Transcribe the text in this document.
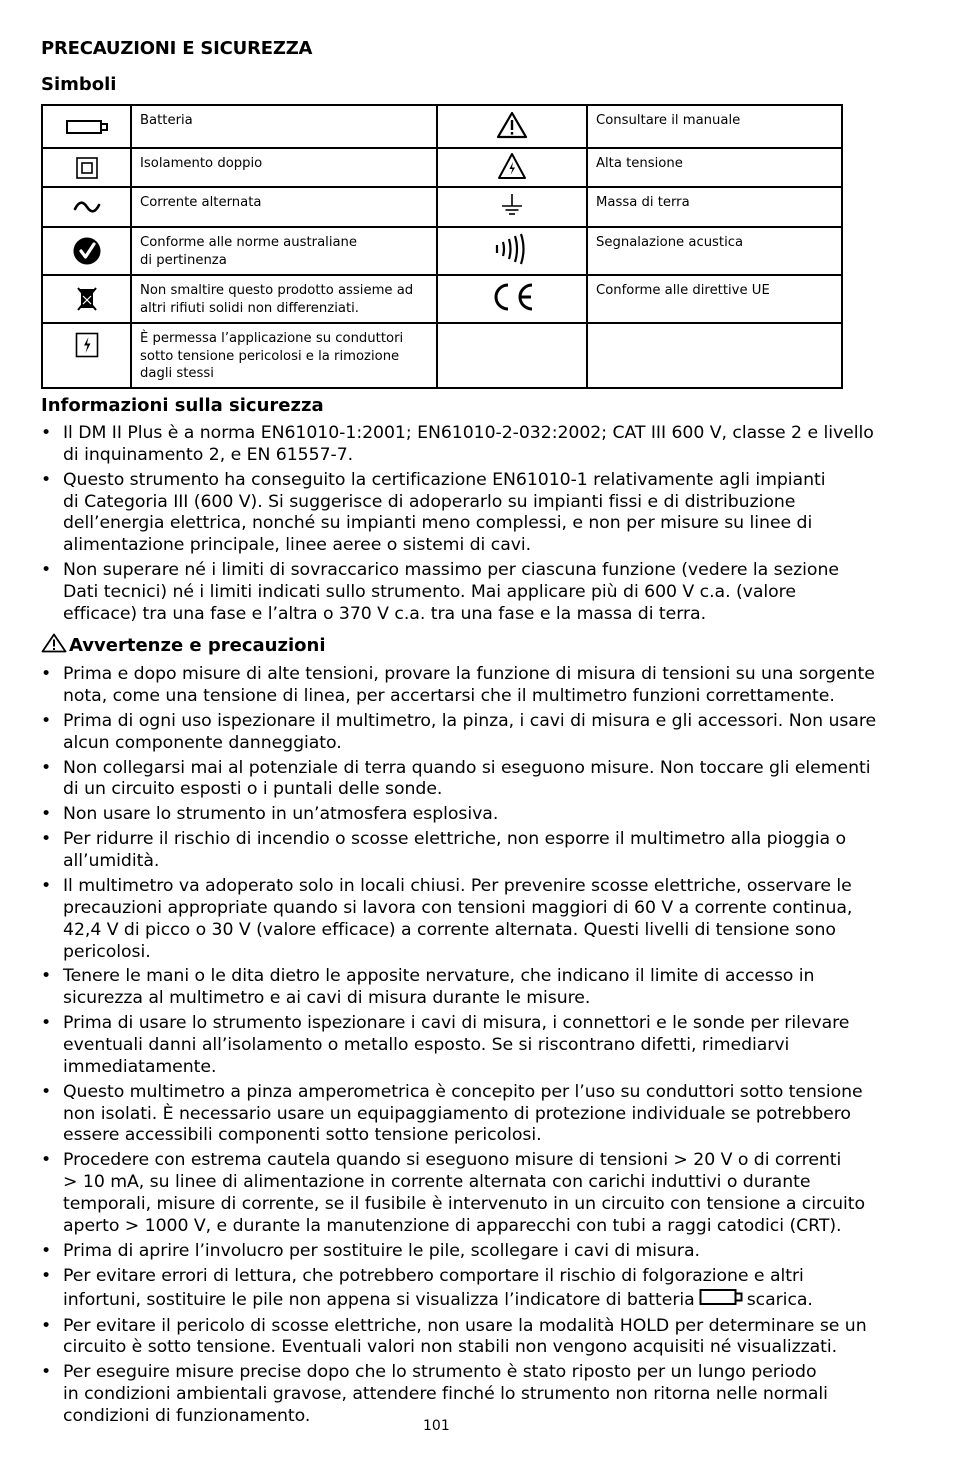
PRECAUZIONI E SICUREZZA
Simboli
	Batteria		Consultare il manuale

	Isolamento doppio		Alta tensione

	Corrente alternata		Massa di terra

	Conforme alle norme australiane
di pertinenza		Segnalazione acustica

	Non smaltire questo prodotto assieme ad
altri rifiuti solidi non differenziati.		Conforme alle direttive UE

	È permessa l’applicazione su conduttori
sotto tensione pericolosi e la rimozione
dagli stessi		
Informazioni sulla sicurezza
• Il DM II Plus è a norma EN61010-1:2001; EN61010-2-032:2002; CAT III 600 V, classe 2 e livello
di inquinamento 2, e EN 61557-7.
• Questo strumento ha conseguito la certificazione EN61010-1 relativamente agli impianti
di Categoria III (600 V). Si suggerisce di adoperarlo su impianti fissi e di distribuzione
dell’energia elettrica, nonché su impianti meno complessi, e non per misure su linee di
alimentazione principale, linee aeree o sistemi di cavi.
• Non superare né i limiti di sovraccarico massimo per ciascuna funzione (vedere la sezione
Dati tecnici) né i limiti indicati sullo strumento. Mai applicare più di 600 V c.a. (valore
efficace) tra una fase e l’altra o 370 V c.a. tra una fase e la massa di terra.
Avvertenze e precauzioni
• Prima e dopo misure di alte tensioni, provare la funzione di misura di tensioni su una sorgente
nota, come una tensione di linea, per accertarsi che il multimetro funzioni correttamente.
• Prima di ogni uso ispezionare il multimetro, la pinza, i cavi di misura e gli accessori. Non usare
alcun componente danneggiato.
• Non collegarsi mai al potenziale di terra quando si eseguono misure. Non toccare gli elementi
di un circuito esposti o i puntali delle sonde.
• Non usare lo strumento in un’atmosfera esplosiva.
• Per ridurre il rischio di incendio o scosse elettriche, non esporre il multimetro alla pioggia o
all’umidità.
• Il multimetro va adoperato solo in locali chiusi. Per prevenire scosse elettriche, osservare le
precauzioni appropriate quando si lavora con tensioni maggiori di 60 V a corrente continua,
42,4 V di picco o 30 V (valore efficace) a corrente alternata. Questi livelli di tensione sono
pericolosi.
• Tenere le mani o le dita dietro le apposite nervature, che indicano il limite di accesso in
sicurezza al multimetro e ai cavi di misura durante le misure.
• Prima di usare lo strumento ispezionare i cavi di misura, i connettori e le sonde per rilevare
eventuali danni all’isolamento o metallo esposto. Se si riscontrano difetti, rimediarvi
immediatamente.
• Questo multimetro a pinza amperometrica è concepito per l’uso su conduttori sotto tensione
non isolati. È necessario usare un equipaggiamento di protezione individuale se potrebbero
essere accessibili componenti sotto tensione pericolosi.
• Procedere con estrema cautela quando si eseguono misure di tensioni > 20 V o di correnti
> 10 mA, su linee di alimentazione in corrente alternata con carichi induttivi o durante
temporali, misure di corrente, se il fusibile è intervenuto in un circuito con tensione a circuito
aperto > 1000 V, e durante la manutenzione di apparecchi con tubi a raggi catodici (CRT).
• Prima di aprire l’involucro per sostituire le pile, scollegare i cavi di misura.
• Per evitare errori di lettura, che potrebbero comportare il rischio di folgorazione e altri
infortuni, sostituire le pile non appena si visualizza l’indicatore di batteria	scarica.
• Per evitare il pericolo di scosse elettriche, non usare la modalità HOLD per determinare se un
circuito è sotto tensione. Eventuali valori non stabili non vengono acquisiti né visualizzati.
• Per eseguire misure precise dopo che lo strumento è stato riposto per un lungo periodo
in condizioni ambientali gravose, attendere finché lo strumento non ritorna nelle normali
condizioni di funzionamento.
101
